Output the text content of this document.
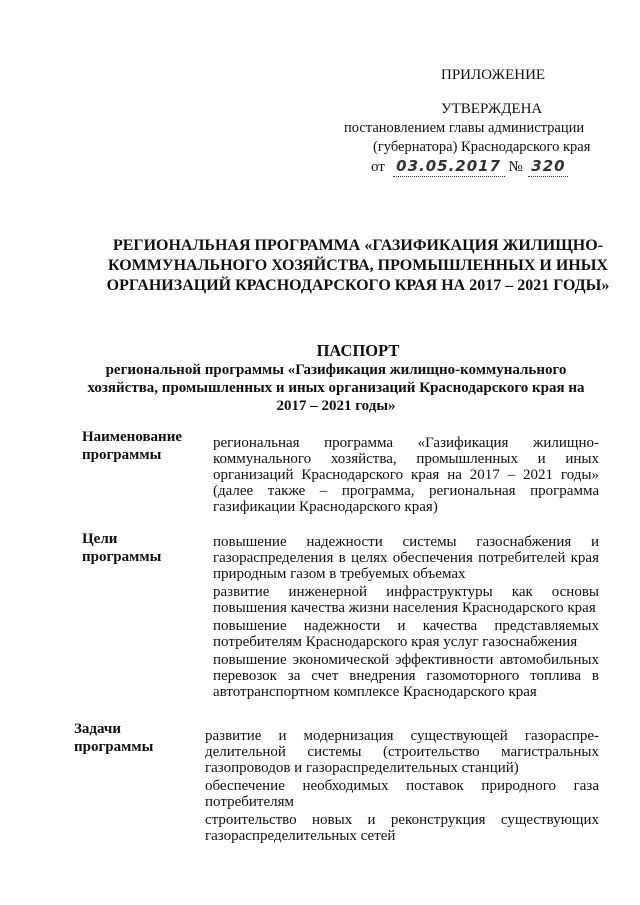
ПРИЛОЖЕНИЕ
УТВЕРЖДЕНА
постановлением главы администрации
(губернатора) Краснодарского края
от 03.05.2017 № 320
РЕГИОНАЛЬНАЯ ПРОГРАММА «ГАЗИФИКАЦИЯ ЖИЛИЩНО-КОММУНАЛЬНОГО ХОЗЯЙСТВА, ПРОМЫШЛЕННЫХ И ИНЫХ ОРГАНИЗАЦИЙ КРАСНОДАРСКОГО КРАЯ НА 2017 – 2021 ГОДЫ»
ПАСПОРТ
региональной программы «Газификация жилищно-коммунального хозяйства, промышленных и иных организаций Краснодарского края на 2017 – 2021 годы»
Наименование программы
региональная программа «Газификация жилищно-коммунального хозяйства, промышленных и иных организаций Краснодарского края на 2017 – 2021 годы» (далее также – программа, региональная программа газификации Краснодарского края)
Цели программы
повышение надежности системы газоснабжения и газораспределения в целях обеспечения потребителей края природным газом в требуемых объемах
развитие инженерной инфраструктуры как основы повышения качества жизни населения Краснодарского края
повышение надежности и качества представляемых потребителям Краснодарского края услуг газоснабжения
повышение экономической эффективности автомобильных перевозок за счет внедрения газомоторного топлива в автотранспортном комплексе Краснодарского края
Задачи программы
развитие и модернизация существующей газораспре-делительной системы (строительство магистральных газопроводов и газораспределительных станций)
обеспечение необходимых поставок природного газа потребителям
строительство новых и реконструкция существующих газораспределительных сетей
